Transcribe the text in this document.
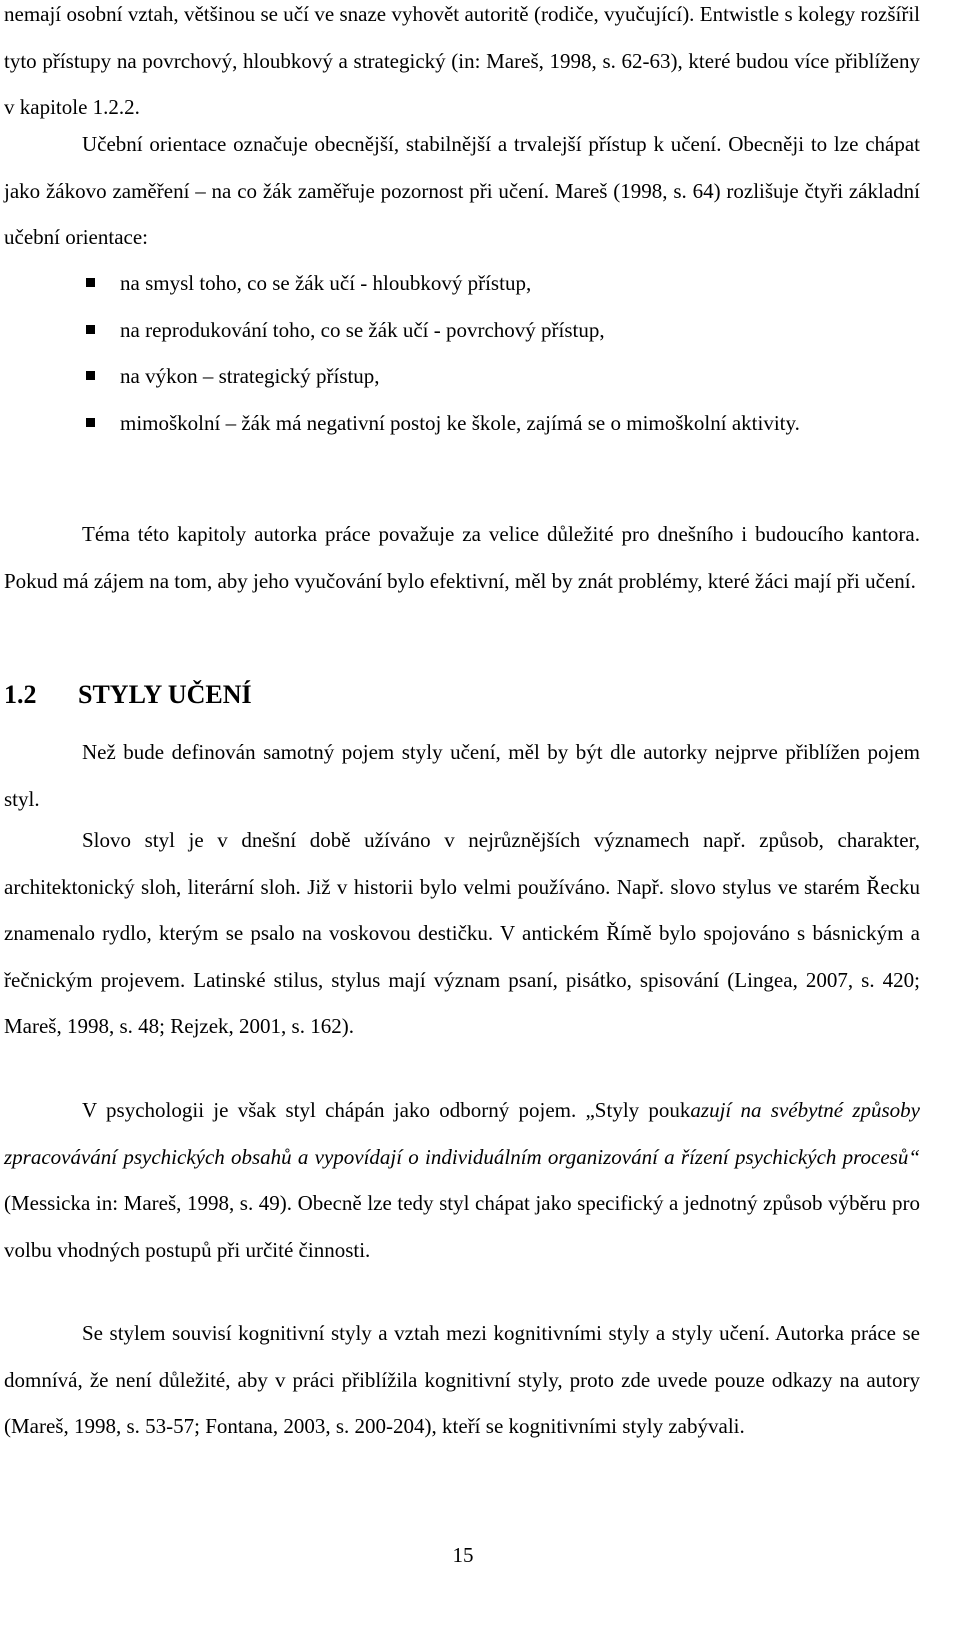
nemají osobní vztah, většinou se učí ve snaze vyhovět autoritě (rodiče, vyučující). Entwistle s kolegy rozšířil tyto přístupy na povrchový, hloubkový a strategický (in: Mareš, 1998, s. 62-63), které budou více přiblíženy v kapitole 1.2.2.

Učební orientace označuje obecnější, stabilnější a trvalejší přístup k učení. Obecněji to lze chápat jako žákovo zaměření – na co žák zaměřuje pozornost při učení. Mareš (1998, s. 64) rozlišuje čtyři základní učební orientace:

na smysl toho, co se žák učí - hloubkový přístup,
na reprodukování toho, co se žák učí - povrchový přístup,
na výkon – strategický přístup,
mimoškolní – žák má negativní postoj ke škole, zajímá se o mimoškolní aktivity.

Téma této kapitoly autorka práce považuje za velice důležité pro dnešního i budoucího kantora. Pokud má zájem na tom, aby jeho vyučování bylo efektivní, měl by znát problémy, které žáci mají při učení.

1.2 STYLY UČENÍ

Než bude definován samotný pojem styly učení, měl by být dle autorky nejprve přiblížen pojem styl.

Slovo styl je v dnešní době užíváno v nejrůznějších významech např. způsob, charakter, architektonický sloh, literární sloh. Již v historii bylo velmi používáno. Např. slovo stylus ve starém Řecku znamenalo rydlo, kterým se psalo na voskovou destičku. V antickém Římě bylo spojováno s básnickým a řečnickým projevem. Latinské stilus, stylus mají význam psaní, pisátko, spisování (Lingea, 2007, s. 420; Mareš, 1998, s. 48; Rejzek, 2001, s. 162).

V psychologii je však styl chápán jako odborný pojem. „Styly poukazují na svébytné způsoby zpracovávání psychických obsahů a vypovídají o individuálním organizování a řízení psychických procesů“ (Messicka in: Mareš, 1998, s. 49). Obecně lze tedy styl chápat jako specifický a jednotný způsob výběru pro volbu vhodných postupů při určité činnosti.

Se stylem souvisí kognitivní styly a vztah mezi kognitivními styly a styly učení. Autorka práce se domnívá, že není důležité, aby v práci přiblížila kognitivní styly, proto zde uvede pouze odkazy na autory (Mareš, 1998, s. 53-57; Fontana, 2003, s. 200-204), kteří se kognitivními styly zabývali.

15
